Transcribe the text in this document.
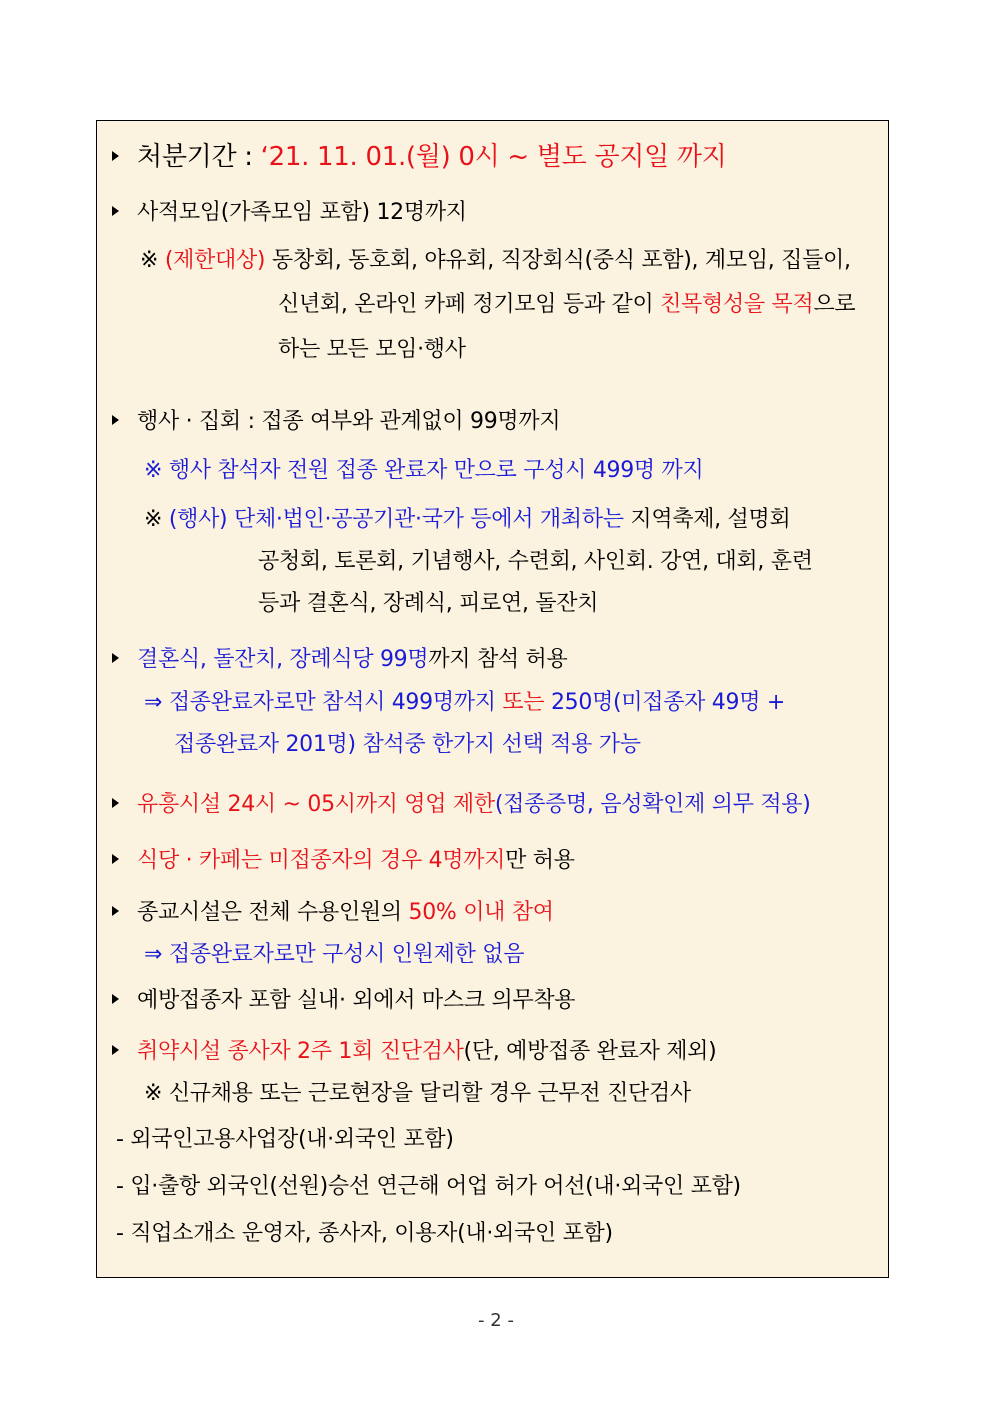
처분기간 : ‘21. 11. 01.(월) 0시 ~ 별도 공지일 까지
사적모임(가족모임 포함) 12명까지
※ (제한대상) 동창회, 동호회, 야유회, 직장회식(중식 포함), 계모임, 집들이,
신년회, 온라인 카페 정기모임 등과 같이 친목형성을 목적으로
하는 모든 모임·행사
행사 · 집회 : 접종 여부와 관계없이 99명까지
※ 행사 참석자 전원 접종 완료자 만으로 구성시 499명 까지
※ (행사) 단체·법인·공공기관·국가 등에서 개최하는 지역축제, 설명회
공청회, 토론회, 기념행사, 수련회, 사인회. 강연, 대회, 훈련
등과 결혼식, 장례식, 피로연, 돌잔치
결혼식, 돌잔치, 장례식당 99명까지 참석 허용
⇒ 접종완료자로만 참석시 499명까지 또는 250명(미접종자 49명 +
접종완료자 201명) 참석중 한가지 선택 적용 가능
유흥시설 24시 ~ 05시까지 영업 제한(접종증명, 음성확인제 의무 적용)
식당 · 카페는 미접종자의 경우 4명까지만 허용
종교시설은 전체 수용인원의 50% 이내 참여
⇒ 접종완료자로만 구성시 인원제한 없음
예방접종자 포함 실내· 외에서 마스크 의무착용
취약시설 종사자 2주 1회 진단검사(단, 예방접종 완료자 제외)
※ 신규채용 또는 근로현장을 달리할 경우 근무전 진단검사
- 외국인고용사업장(내·외국인 포함)
- 입·출항 외국인(선원)승선 연근해 어업 허가 어선(내·외국인 포함)
- 직업소개소 운영자, 종사자, 이용자(내·외국인 포함)
- 2 -
